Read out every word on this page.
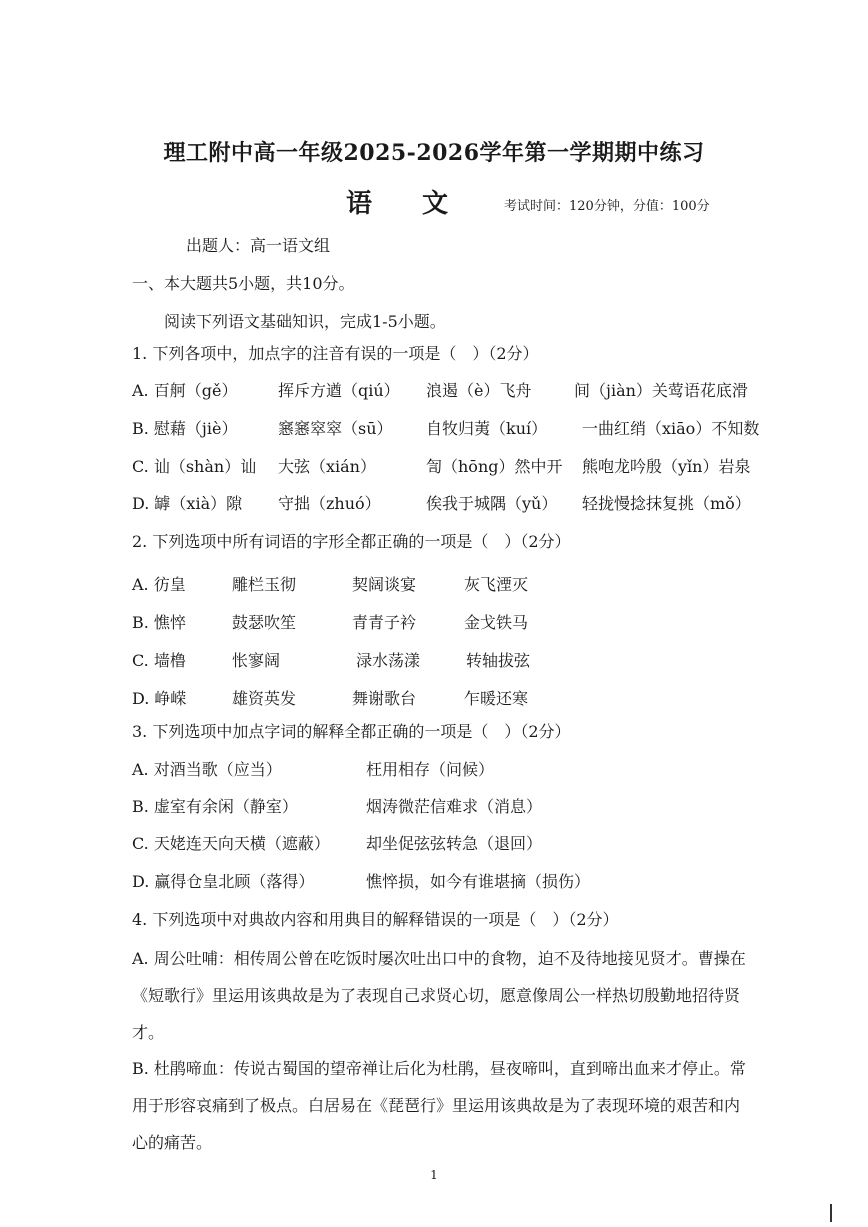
理工附中高一年级2025-2026学年第一学期期中练习
语文 考试时间：120分钟，分值：100分
出题人：高一语文组
一、本大题共5小题，共10分。
阅读下列语文基础知识，完成1-5小题。
1. 下列各项中，加点字的注音有误的一项是（　）（2分）
A. 百舸（gě）	挥斥方遒（qiú） 浪遏（è）飞舟	间（jiàn）关莺语花底滑
B. 慰藉（jiè）	窸窸窣窣（sū） 自牧归荑（kuí） 一曲红绡（xiāo）不知数
C. 讪（shàn）讪 大弦（xián）	訇（hōng）然中开 熊咆龙吟殷（yǐn）岩泉
D. 罅（xià）隙 守拙（zhuó）	俟我于城隅（yǔ） 轻拢慢捻抹复挑（mǒ）
2. 下列选项中所有词语的字形全都正确的一项是（　）（2分）
A. 彷皇	雕栏玉彻	契阔谈宴	灰飞湮灭
B. 憔悴	鼓瑟吹笙	青青子衿	金戈铁马
C. 墙橹	怅寥阔	渌水荡漾	转轴拔弦
D. 峥嵘	雄资英发	舞谢歌台	乍暖还寒
3. 下列选项中加点字词的解释全都正确的一项是（　）（2分）
A. 对酒当歌（应当）	枉用相存（问候）
B. 虚室有余闲（静室）	烟涛微茫信难求（消息）
C. 天姥连天向天横（遮蔽） 却坐促弦弦转急（退回）
D. 赢得仓皇北顾（落得）	憔悴损，如今有谁堪摘（损伤）
4. 下列选项中对典故内容和用典目的解释错误的一项是（　）（2分）
A. 周公吐哺：相传周公曾在吃饭时屡次吐出口中的食物，迫不及待地接见贤才。曹操在《短歌行》里运用该典故是为了表现自己求贤心切，愿意像周公一样热切殷勤地招待贤才。
B. 杜鹃啼血：传说古蜀国的望帝禅让后化为杜鹃，昼夜啼叫，直到啼出血来才停止。常用于形容哀痛到了极点。白居易在《琵琶行》里运用该典故是为了表现环境的艰苦和内心的痛苦。
1
